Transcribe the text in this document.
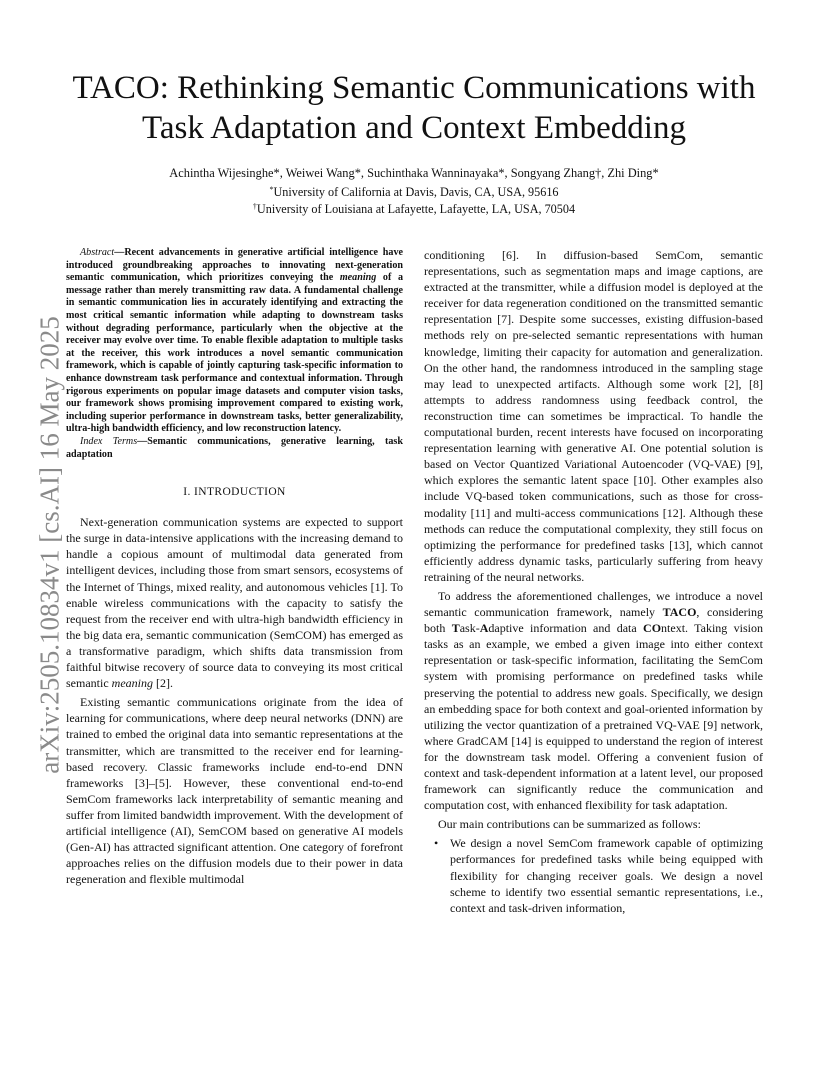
arXiv:2505.10834v1 [cs.AI] 16 May 2025
TACO: Rethinking Semantic Communications with
Task Adaptation and Context Embedding
Achintha Wijesinghe*, Weiwei Wang*, Suchinthaka Wanninayaka*, Songyang Zhang†, Zhi Ding*
*University of California at Davis, Davis, CA, USA, 95616
†University of Louisiana at Lafayette, Lafayette, LA, USA, 70504

Abstract—Recent advancements in generative artificial intelligence have introduced groundbreaking approaches to innovating next-generation semantic communication, which prioritizes conveying the meaning of a message rather than merely transmitting raw data. A fundamental challenge in semantic communication lies in accurately identifying and extracting the most critical semantic information while adapting to downstream tasks without degrading performance, particularly when the objective at the receiver may evolve over time. To enable flexible adaptation to multiple tasks at the receiver, this work introduces a novel semantic communication framework, which is capable of jointly capturing task-specific information to enhance downstream task performance and contextual information. Through rigorous experiments on popular image datasets and computer vision tasks, our framework shows promising improvement compared to existing work, including superior performance in downstream tasks, better generalizability, ultra-high bandwidth efficiency, and low reconstruction latency.

Index Terms—Semantic communications, generative learning, task adaptation

I. INTRODUCTION

Next-generation communication systems are expected to support the surge in data-intensive applications with the increasing demand to handle a copious amount of multimodal data generated from intelligent devices, including those from smart sensors, ecosystems of the Internet of Things, mixed reality, and autonomous vehicles [1]. To enable wireless communications with the capacity to satisfy the request from the receiver end with ultra-high bandwidth efficiency in the big data era, semantic communication (SemCOM) has emerged as a transformative paradigm, which shifts data transmission from faithful bitwise recovery of source data to conveying its most critical semantic meaning [2].

Existing semantic communications originate from the idea of learning for communications, where deep neural networks (DNN) are trained to embed the original data into semantic representations at the transmitter, which are transmitted to the receiver end for learning-based recovery. Classic frameworks include end-to-end DNN frameworks [3]–[5]. However, these conventional end-to-end SemCom frameworks lack interpretability of semantic meaning and suffer from limited bandwidth improvement. With the development of artificial intelligence (AI), SemCOM based on generative AI models (Gen-AI) has attracted significant attention. One category of forefront approaches relies on the diffusion models due to their power in data regeneration and flexible multimodal

conditioning [6]. In diffusion-based SemCom, semantic representations, such as segmentation maps and image captions, are extracted at the transmitter, while a diffusion model is deployed at the receiver for data regeneration conditioned on the transmitted semantic representation [7]. Despite some successes, existing diffusion-based methods rely on pre-selected semantic representations with human knowledge, limiting their capacity for automation and generalization. On the other hand, the randomness introduced in the sampling stage may lead to unexpected artifacts. Although some work [2], [8] attempts to address randomness using feedback control, the reconstruction time can sometimes be impractical. To handle the computational burden, recent interests have focused on incorporating representation learning with generative AI. One potential solution is based on Vector Quantized Variational Autoencoder (VQ-VAE) [9], which explores the semantic latent space [10]. Other examples also include VQ-based token communications, such as those for cross-modality [11] and multi-access communications [12]. Although these methods can reduce the computational complexity, they still focus on optimizing the performance for predefined tasks [13], which cannot efficiently address dynamic tasks, particularly suffering from heavy retraining of the neural networks.

To address the aforementioned challenges, we introduce a novel semantic communication framework, namely TACO, considering both Task-Adaptive information and data COntext. Taking vision tasks as an example, we embed a given image into either context representation or task-specific information, facilitating the SemCom system with promising performance on predefined tasks while preserving the potential to address new goals. Specifically, we design an embedding space for both context and goal-oriented information by utilizing the vector quantization of a pretrained VQ-VAE [9] network, where GradCAM [14] is equipped to understand the region of interest for the downstream task model. Offering a convenient fusion of context and task-dependent information at a latent level, our proposed framework can significantly reduce the communication and computation cost, with enhanced flexibility for task adaptation.

Our main contributions can be summarized as follows:

• We design a novel SemCom framework capable of optimizing performances for predefined tasks while being equipped with flexibility for changing receiver goals. We design a novel scheme to identify two essential semantic representations, i.e., context and task-driven information,
